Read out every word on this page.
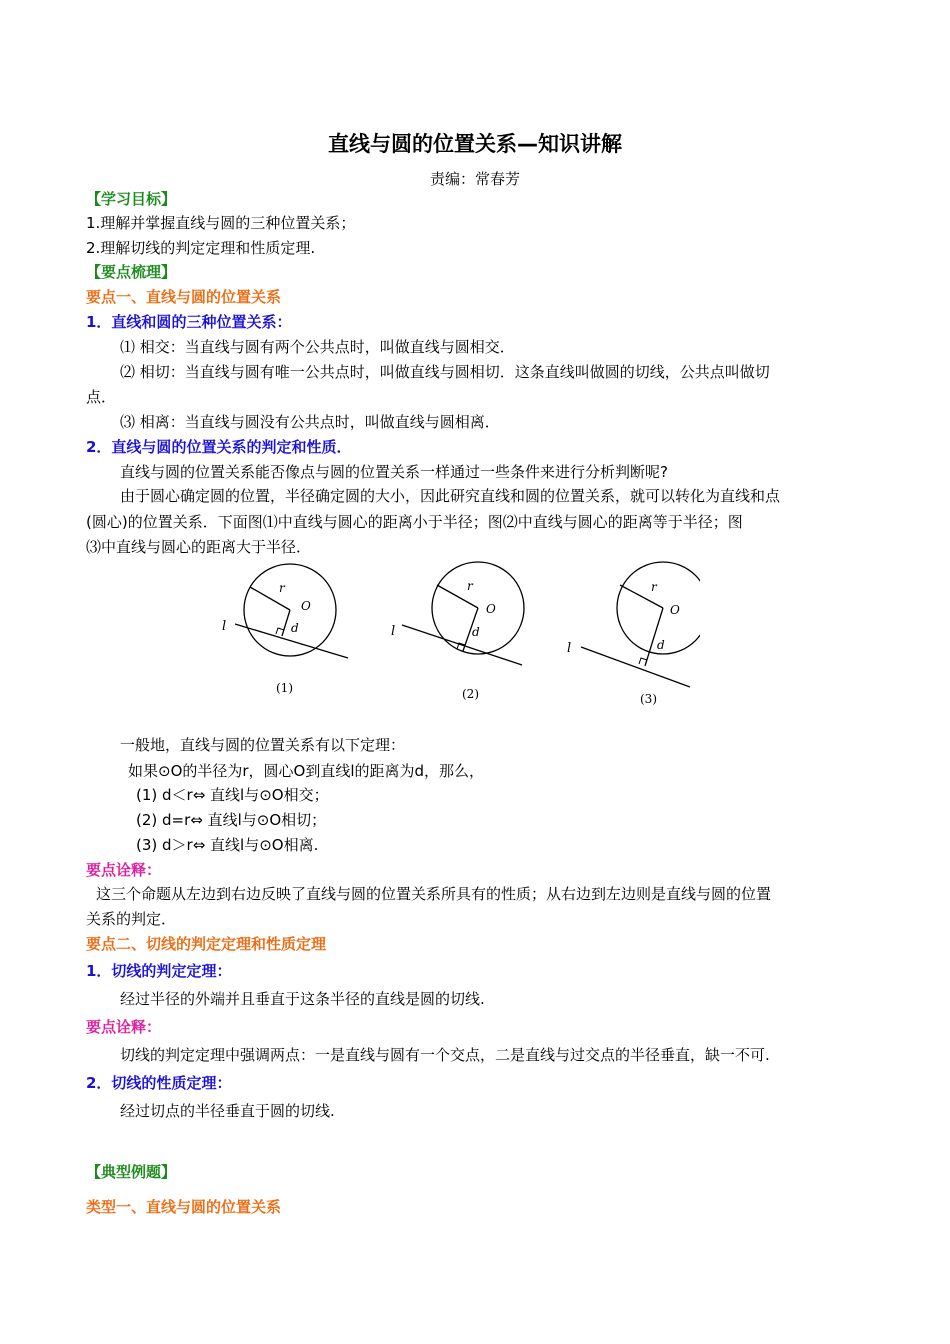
直线与圆的位置关系—知识讲解
责编：常春芳
【学习目标】
1.理解并掌握直线与圆的三种位置关系；
2.理解切线的判定定理和性质定理.
【要点梳理】
要点一、直线与圆的位置关系
1．直线和圆的三种位置关系：
⑴ 相交：当直线与圆有两个公共点时，叫做直线与圆相交．
⑵ 相切：当直线与圆有唯一公共点时，叫做直线与圆相切．这条直线叫做圆的切线，公共点叫做切
点．
⑶ 相离：当直线与圆没有公共点时，叫做直线与圆相离．
2．直线与圆的位置关系的判定和性质．
直线与圆的位置关系能否像点与圆的位置关系一样通过一些条件来进行分析判断呢?
由于圆心确定圆的位置，半径确定圆的大小，因此研究直线和圆的位置关系，就可以转化为直线和点
(圆心)的位置关系．下面图⑴中直线与圆心的距离小于半径；图⑵中直线与圆心的距离等于半径；图
⑶中直线与圆心的距离大于半径．
r
O
d
l
(1)
r
O
d
l
(2)
r
O
d
l
(3)
一般地，直线与圆的位置关系有以下定理：
如果⊙O的半径为r，圆心O到直线l的距离为d，那么，
(1) d＜r⇔ 直线l与⊙O相交；
(2) d=r⇔ 直线l与⊙O相切；
(3) d＞r⇔ 直线l与⊙O相离.
要点诠释：
这三个命题从左边到右边反映了直线与圆的位置关系所具有的性质；从右边到左边则是直线与圆的位置
关系的判定．
要点二、切线的判定定理和性质定理
1．切线的判定定理：
经过半径的外端并且垂直于这条半径的直线是圆的切线.
要点诠释：
切线的判定定理中强调两点：一是直线与圆有一个交点，二是直线与过交点的半径垂直，缺一不可.
2．切线的性质定理：
经过切点的半径垂直于圆的切线.
【典型例题】
类型一、直线与圆的位置关系
